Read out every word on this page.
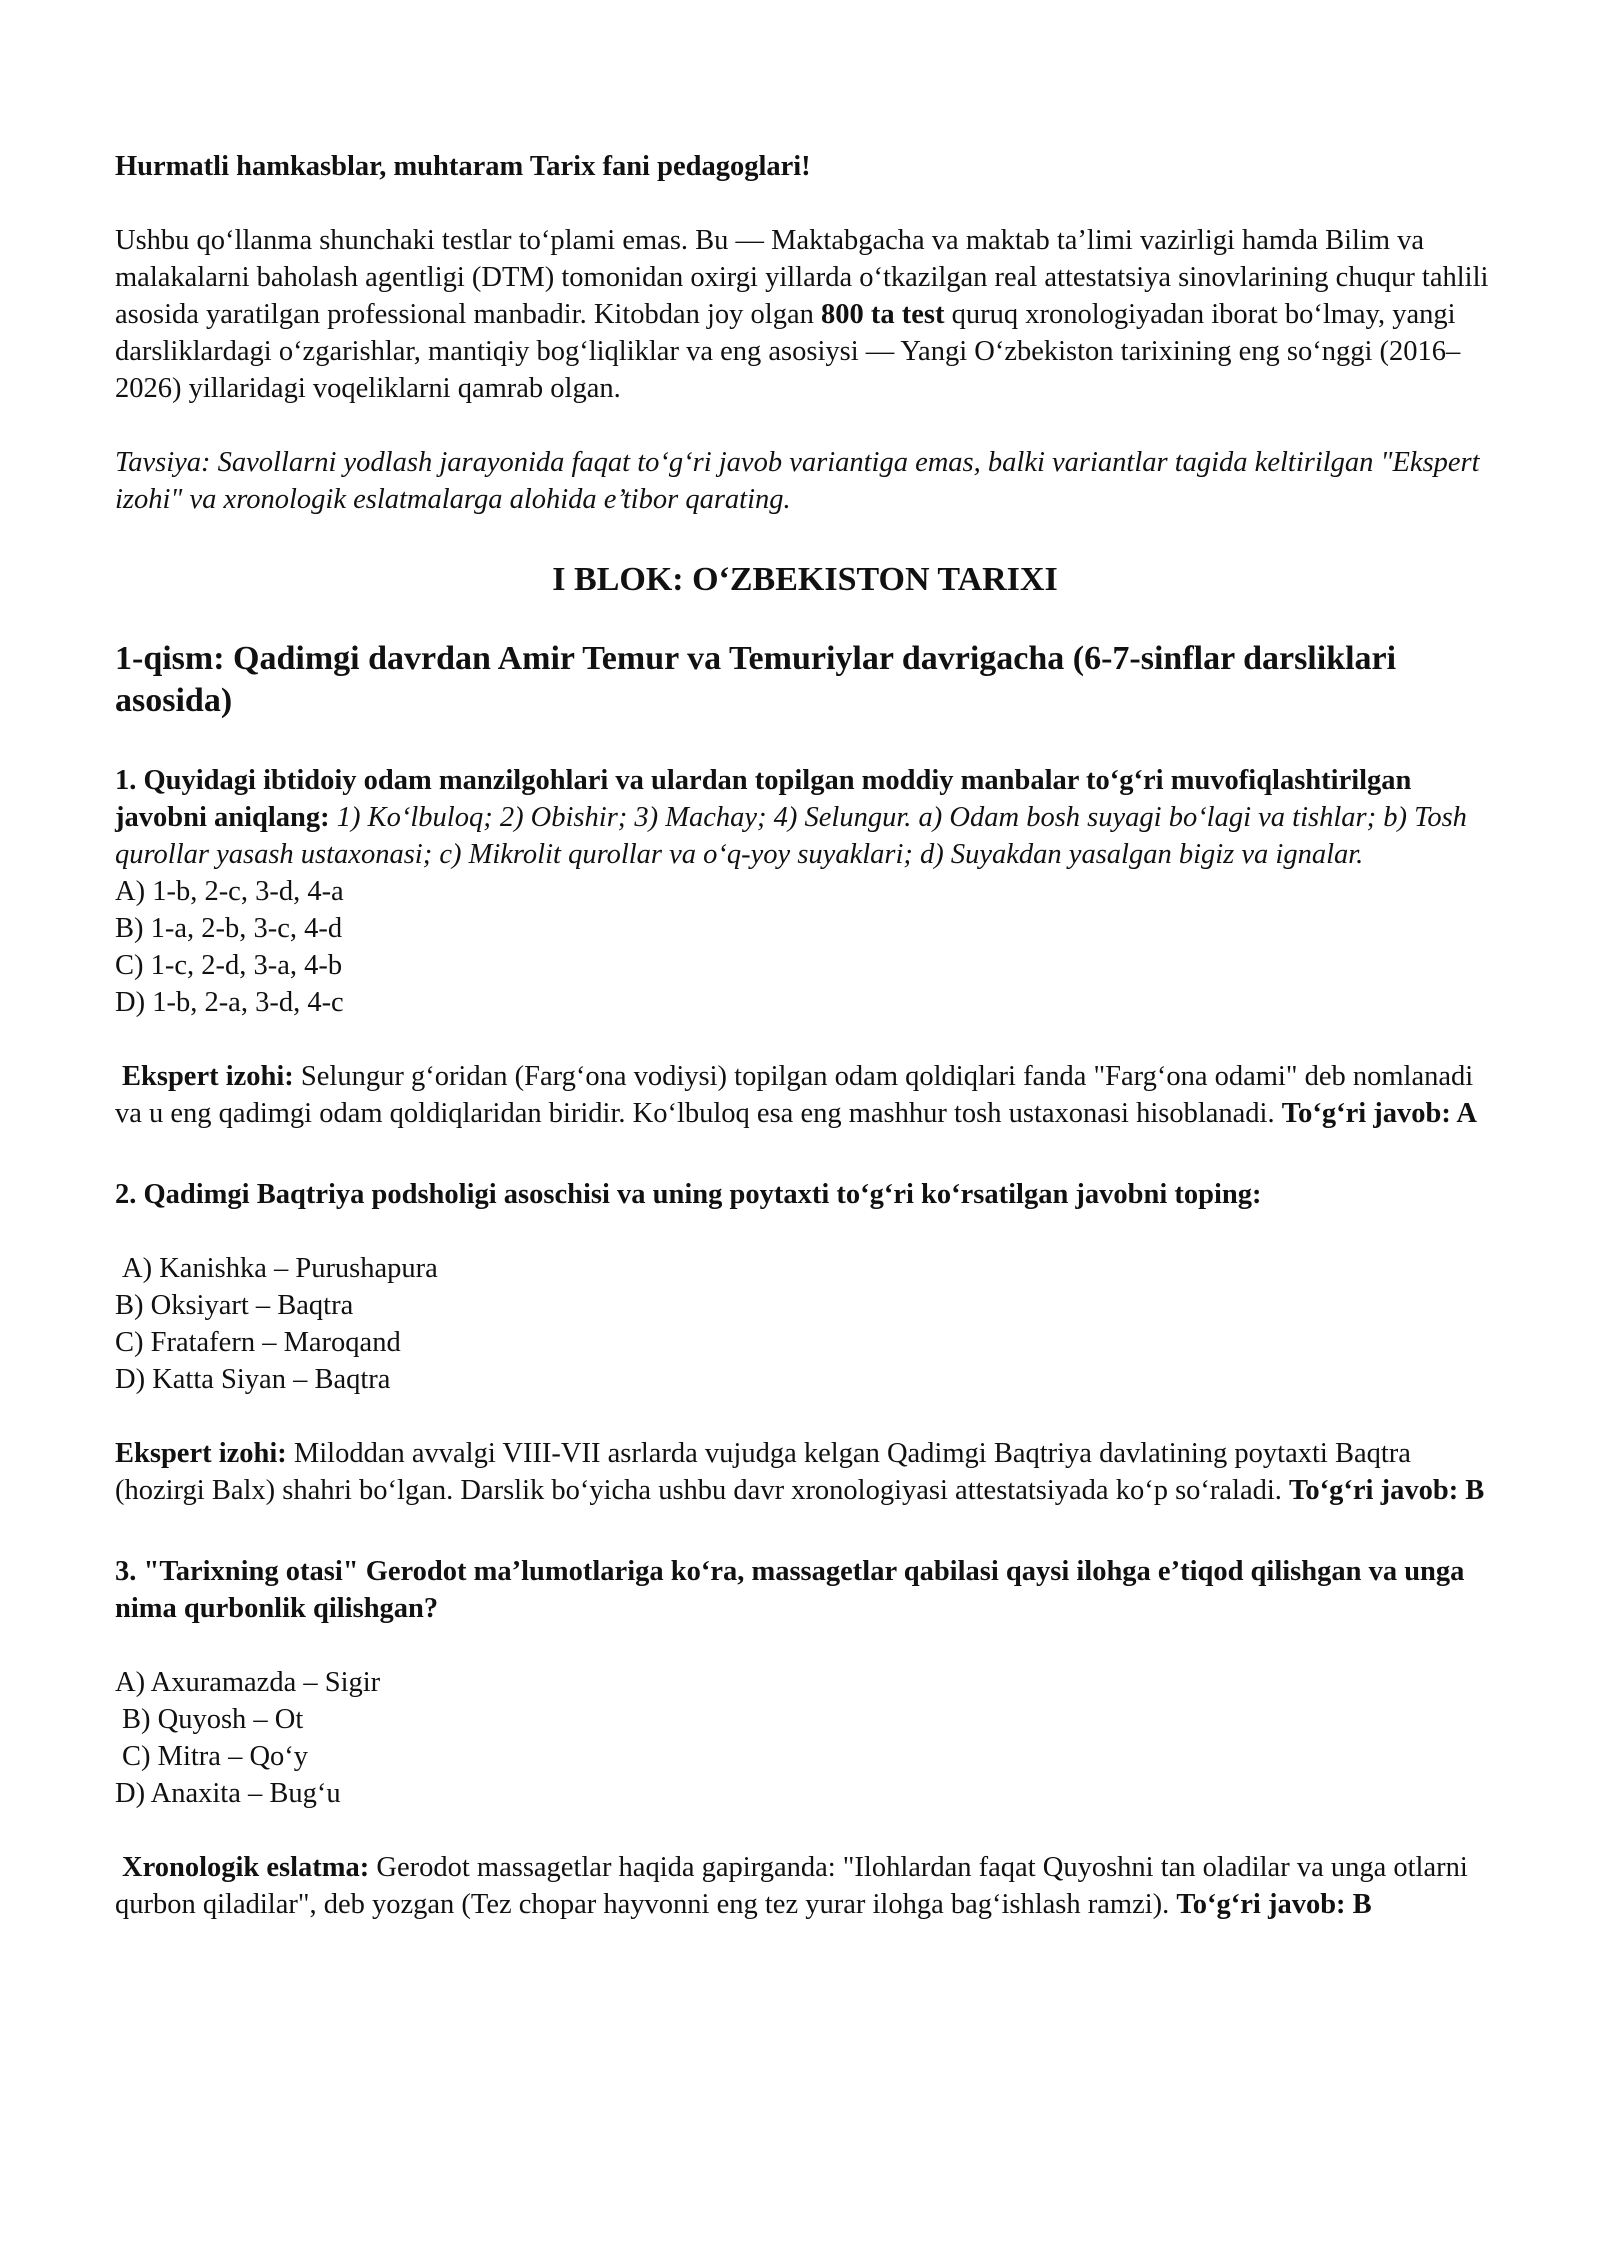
Hurmatli hamkasblar, muhtaram Tarix fani pedagoglari!

Ushbu qo‘llanma shunchaki testlar to‘plami emas. Bu — Maktabgacha va maktab ta’limi vazirligi hamda Bilim va malakalarni baholash agentligi (DTM) tomonidan oxirgi yillarda o‘tkazilgan real attestatsiya sinovlarining chuqur tahlili asosida yaratilgan professional manbadir. Kitobdan joy olgan 800 ta test quruq xronologiyadan iborat bo‘lmay, yangi darsliklardagi o‘zgarishlar, mantiqiy bog‘liqliklar va eng asosiysi — Yangi O‘zbekiston tarixining eng so‘nggi (2016–2026) yillaridagi voqeliklarni qamrab olgan.

Tavsiya: Savollarni yodlash jarayonida faqat to‘g‘ri javob variantiga emas, balki variantlar tagida keltirilgan "Ekspert izohi" va xronologik eslatmalarga alohida e’tibor qarating.

I BLOK: O‘ZBEKISTON TARIXI

1-qism: Qadimgi davrdan Amir Temur va Temuriylar davrigacha (6-7-sinflar darsliklari asosida)

1. Quyidagi ibtidoiy odam manzilgohlari va ulardan topilgan moddiy manbalar to‘g‘ri muvofiqlashtirilgan javobni aniqlang: 1) Ko‘lbuloq; 2) Obishir; 3) Machay; 4) Selungur. a) Odam bosh suyagi bo‘lagi va tishlar; b) Tosh qurollar yasash ustaxonasi; c) Mikrolit qurollar va o‘q-yoy suyaklari; d) Suyakdan yasalgan bigiz va ignalar.

A) 1-b, 2-c, 3-d, 4-a
B) 1-a, 2-b, 3-c, 4-d
C) 1-c, 2-d, 3-a, 4-b
D) 1-b, 2-a, 3-d, 4-c

Ekspert izohi: Selungur g‘oridan (Farg‘ona vodiysi) topilgan odam qoldiqlari fanda "Farg‘ona odami" deb nomlanadi va u eng qadimgi odam qoldiqlaridan biridir. Ko‘lbuloq esa eng mashhur tosh ustaxonasi hisoblanadi. To‘g‘ri javob: A

2. Qadimgi Baqtriya podsholigi asoschisi va uning poytaxti to‘g‘ri ko‘rsatilgan javobni toping:

A) Kanishka – Purushapura
B) Oksiyart – Baqtra
C) Fratafern – Maroqand
D) Katta Siyan – Baqtra

Ekspert izohi: Miloddan avvalgi VIII-VII asrlarda vujudga kelgan Qadimgi Baqtriya davlatining poytaxti Baqtra (hozirgi Balx) shahri bo‘lgan. Darslik bo‘yicha ushbu davr xronologiyasi attestatsiyada ko‘p so‘raladi. To‘g‘ri javob: B

3. "Tarixning otasi" Gerodot ma’lumotlariga ko‘ra, massagetlar qabilasi qaysi ilohga e’tiqod qilishgan va unga nima qurbonlik qilishgan?

A) Axuramazda – Sigir
B) Quyosh – Ot
C) Mitra – Qo‘y
D) Anaxita – Bug‘u

Xronologik eslatma: Gerodot massagetlar haqida gapirganda: "Ilohlardan faqat Quyoshni tan oladilar va unga otlarni qurbon qiladilar", deb yozgan (Tez chopar hayvonni eng tez yurar ilohga bag‘ishlash ramzi). To‘g‘ri javob: B
